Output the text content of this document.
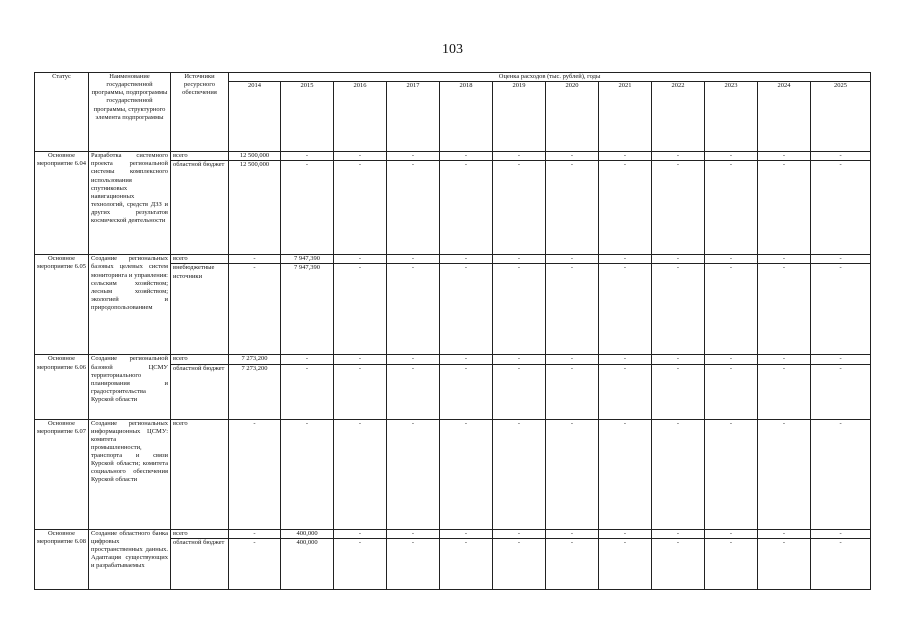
103
Статус	Наименование государственной программы, подпрограммы государственной программы, структурного элемента подпрограммы	Источники ресурсного обеспечения	Оценка расходов (тыс. рублей), годы											
			2014	2015	2016	2017	2018	2019	2020	2021	2022	2023	2024	2025
Основное мероприятие 6.04	Разработка системного проекта региональной системы комплексного использования спутниковых навигационных технологий, средств ДЗЗ и других результатов космической деятельности	всего	12 500,000	-	-	-	-	-	-	-	-	-	-	-
		областной бюджет	12 500,000	-	-	-	-	-	-	-	-	-	-	-
Основное мероприятие 6.05	Создание региональных базовых целевых систем мониторинга и управления: сельским хозяйством; лесным хозяйством; экологией и природопользованием	всего	-	7 947,390	-	-	-	-	-	-	-	-	-	-
		внебюджетные источники	-	7 947,390	-	-	-	-	-	-	-	-	-	-
Основное мероприятие 6.06	Создание региональной базовой ЦСМУ территориального планирования и градостроительства Курской области	всего	7 273,200	-	-	-	-	-	-	-	-	-	-	-
		областной бюджет	7 273,200	-	-	-	-	-	-	-	-	-	-	-
Основное мероприятие 6.07	Создание региональных информационных ЦСМУ: комитета промышленности, транспорта и связи Курской области; комитета социального обеспечения Курской области	всего	-	-	-	-	-	-	-	-	-	-	-	-
Основное мероприятие 6.08	Создание областного банка цифровых пространственных данных. Адаптация существующих и разрабатываемых	всего	-	400,000	-	-	-	-	-	-	-	-	-	-
		областной бюджет	-	400,000	-	-	-	-	-	-	-	-	-	-
